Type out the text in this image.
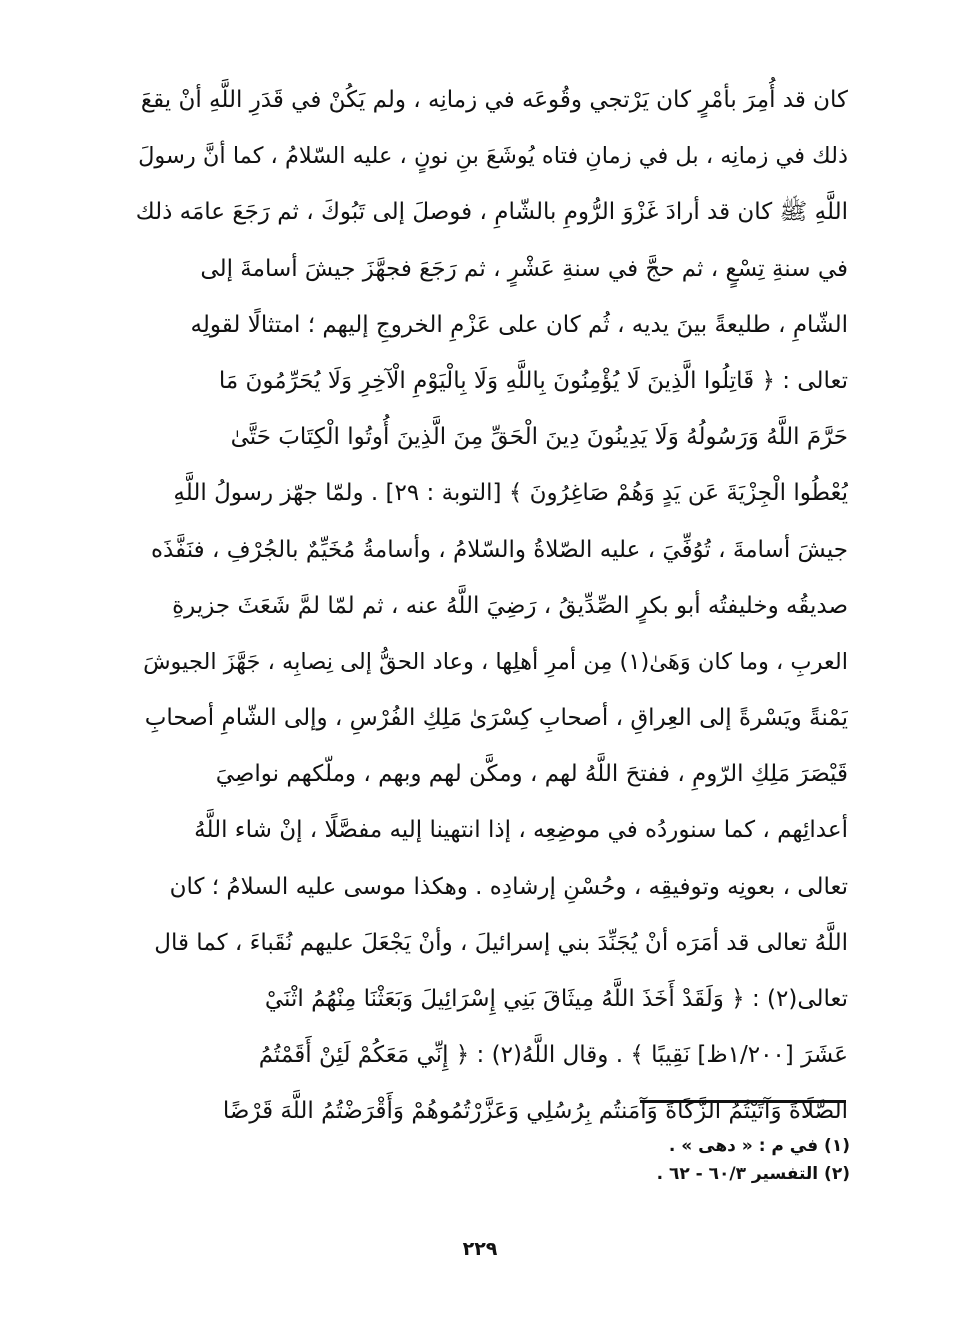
كان قد أُمِرَ بأمْرٍ كان يَرْتجي وقُوعَه في زمانِه ، ولم يَكُنْ في قَدَرِ اللَّهِ أنْ يقعَ
ذلك في زمانِه ، بل في زمانِ فتاه يُوشَعَ بنِ نونٍ ، عليه السّلامُ ، كما أنَّ رسولَ
اللَّهِ ﷺ كان قد أرادَ غَزْوَ الرُّومِ بالشّامِ ، فوصلَ إلى تَبُوكَ ، ثم رَجَعَ عامَه ذلك
في سنةِ تِسْعٍ ، ثم حجَّ في سنةِ عَشْرٍ ، ثم رَجَعَ فجهَّزَ جيشَ أسامةَ إلى
الشّامِ ، طليعةً بينَ يديه ، ثُم كان على عَزْمِ الخروجِ إليهم ؛ امتثالًا لقولِه
تعالى : ﴿ قَاتِلُوا الَّذِينَ لَا يُؤْمِنُونَ بِاللَّهِ وَلَا بِالْيَوْمِ الْآخِرِ وَلَا يُحَرِّمُونَ مَا
حَرَّمَ اللَّهُ وَرَسُولُهُ وَلَا يَدِينُونَ دِينَ الْحَقِّ مِنَ الَّذِينَ أُوتُوا الْكِتَابَ حَتَّىٰ
يُعْطُوا الْجِزْيَةَ عَن يَدٍ وَهُمْ صَاغِرُونَ ﴾ [التوبة : ٢٩] . ولمّا جهّز رسولُ اللَّهِ
جيشَ أسامةَ ، تُوُفِّيَ ، عليه الصّلاةُ والسّلامُ ، وأسامةُ مُخَيِّمٌ بالجُرْفِ ، فنَفَّذَه
صديقُه وخليفتُه أبو بكرٍ الصِّدِّيقُ ، رَضِيَ اللَّهُ عنه ، ثم لمّا لمَّ شَعَثَ جزيرةِ
العربِ ، وما كان وَهَىٰ(١) مِن أمرِ أهلِها ، وعاد الحقُّ إلى نِصابِه ، جَهَّزَ الجيوشَ
يَمْنةً ويَسْرةً إلى العِراقِ ، أصحابِ كِسْرَىٰ مَلِكِ الفُرْسِ ، وإلى الشّامِ أصحابِ
قَيْصَرَ مَلِكِ الرّومِ ، ففتحَ اللَّهُ لهم ، ومكَّن لهم وبهم ، وملّكهم نواصِيَ
أعدائِهم ، كما سنوردُه في موضِعِه ، إذا انتهينا إليه مفصَّلًا ، إنْ شاء اللَّهُ
تعالى ، بعونِه وتوفيقِه ، وحُسْنِ إرشادِه . وهكذا موسى عليه السلامُ ؛ كان
اللَّهُ تعالى قد أمَرَه أنْ يُجَنِّدَ بني إسرائيلَ ، وأنْ يَجْعَلَ عليهم نُقَباءَ ، كما قال
تعالى(٢) : ﴿ وَلَقَدْ أَخَذَ اللَّهُ مِيثَاقَ بَنِي إِسْرَائِيلَ وَبَعَثْنَا مِنْهُمُ اثْنَيْ
عَشَرَ [١/٢٠٠ظ] نَقِيبًا ﴾ . وقال اللَّهُ(٢) : ﴿ إِنِّي مَعَكُمْ لَئِنْ أَقَمْتُمُ
الصَّلَاةَ وَآتَيْتُمُ الزَّكَاةَ وَآمَنتُم بِرُسُلِي وَعَزَّرْتُمُوهُمْ وَأَقْرَضْتُمُ اللَّهَ قَرْضًا
(١) في م : « دهى » .
(٢) التفسير ٦٠/٣ - ٦٢ .
٢٢٩
